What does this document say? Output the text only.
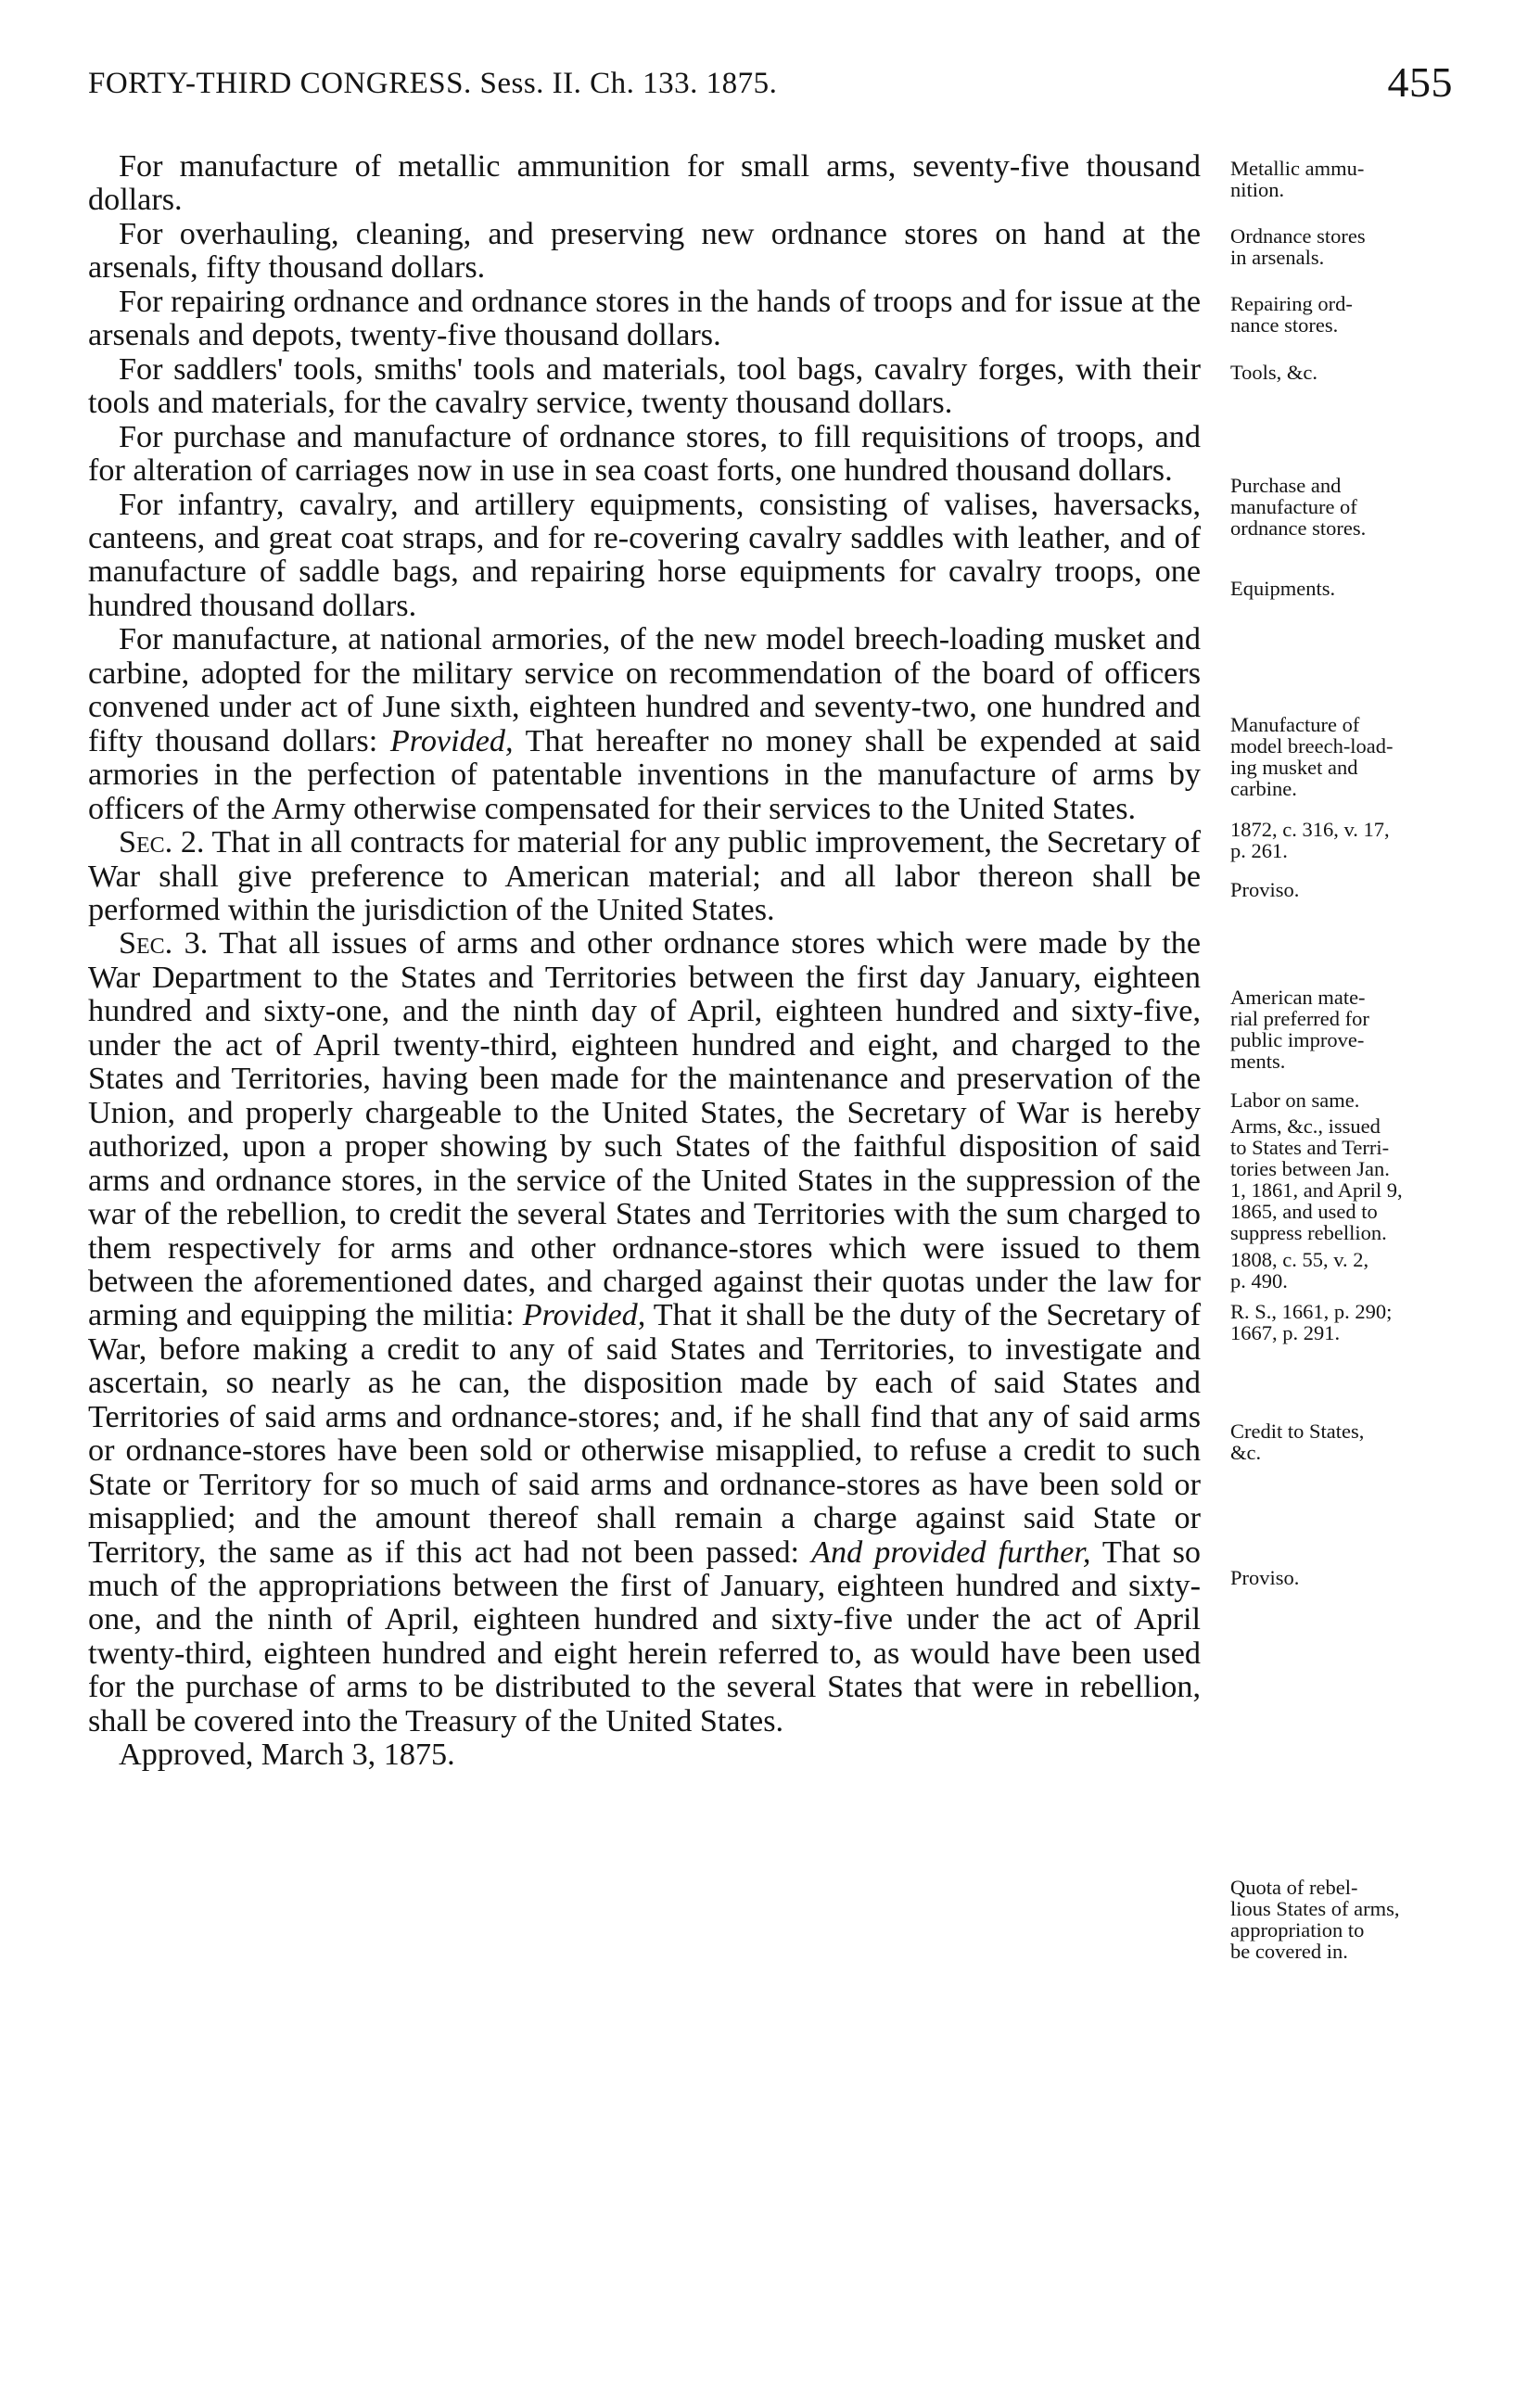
FORTY-THIRD CONGRESS. Sess. II. Ch. 133. 1875.	455

For manufacture of metallic ammunition for small arms, seventy-five thousand dollars.

For overhauling, cleaning, and preserving new ordnance stores on hand at the arsenals, fifty thousand dollars.

For repairing ordnance and ordnance stores in the hands of troops and for issue at the arsenals and depots, twenty-five thousand dollars.

For saddlers' tools, smiths' tools and materials, tool bags, cavalry forges, with their tools and materials, for the cavalry service, twenty thousand dollars.

For purchase and manufacture of ordnance stores, to fill requisitions of troops, and for alteration of carriages now in use in sea coast forts, one hundred thousand dollars.

For infantry, cavalry, and artillery equipments, consisting of valises, haversacks, canteens, and great coat straps, and for re-covering cavalry saddles with leather, and of manufacture of saddle bags, and repairing horse equipments for cavalry troops, one hundred thousand dollars.

For manufacture, at national armories, of the new model breech-loading musket and carbine, adopted for the military service on recommendation of the board of officers convened under act of June sixth, eighteen hundred and seventy-two, one hundred and fifty thousand dollars: Provided, That hereafter no money shall be expended at said armories in the perfection of patentable inventions in the manufacture of arms by officers of the Army otherwise compensated for their services to the United States.

Sec. 2. That in all contracts for material for any public improvement, the Secretary of War shall give preference to American material; and all labor thereon shall be performed within the jurisdiction of the United States.

Sec. 3. That all issues of arms and other ordnance stores which were made by the War Department to the States and Territories between the first day January, eighteen hundred and sixty-one, and the ninth day of April, eighteen hundred and sixty-five, under the act of April twenty-third, eighteen hundred and eight, and charged to the States and Territories, having been made for the maintenance and preservation of the Union, and properly chargeable to the United States, the Secretary of War is hereby authorized, upon a proper showing by such States of the faithful disposition of said arms and ordnance stores, in the service of the United States in the suppression of the war of the rebellion, to credit the several States and Territories with the sum charged to them respectively for arms and other ordnance-stores which were issued to them between the aforementioned dates, and charged against their quotas under the law for arming and equipping the militia: Provided, That it shall be the duty of the Secretary of War, before making a credit to any of said States and Territories, to investigate and ascertain, so nearly as he can, the disposition made by each of said States and Territories of said arms and ordnance-stores; and, if he shall find that any of said arms or ordnance-stores have been sold or otherwise misapplied, to refuse a credit to such State or Territory for so much of said arms and ordnance-stores as have been sold or misapplied; and the amount thereof shall remain a charge against said State or Territory, the same as if this act had not been passed: And provided further, That so much of the appropriations between the first of January, eighteen hundred and sixty-one, and the ninth of April, eighteen hundred and sixty-five under the act of April twenty-third, eighteen hundred and eight herein referred to, as would have been used for the purchase of arms to be distributed to the several States that were in rebellion, shall be covered into the Treasury of the United States.

Approved, March 3, 1875.

Metallic ammu-
nition.
Ordnance stores
in arsenals.
Repairing ord-
nance stores.
Tools, &c.
Purchase and
manufacture of
ordnance stores.
Equipments.
Manufacture of
model breech-load-
ing musket and
carbine.
1872, c. 316, v. 17,
p. 261.
Proviso.
American mate-
rial preferred for
public improve-
ments.
Labor on same.
Arms, &c., issued
to States and Terri-
tories between Jan.
1, 1861, and April 9,
1865, and used to
suppress rebellion.
1808, c. 55, v. 2,
p. 490.
R. S., 1661, p. 290;
1667, p. 291.
Credit to States,
&c.
Proviso.
Quota of rebel-
lious States of arms,
appropriation to
be covered in.
